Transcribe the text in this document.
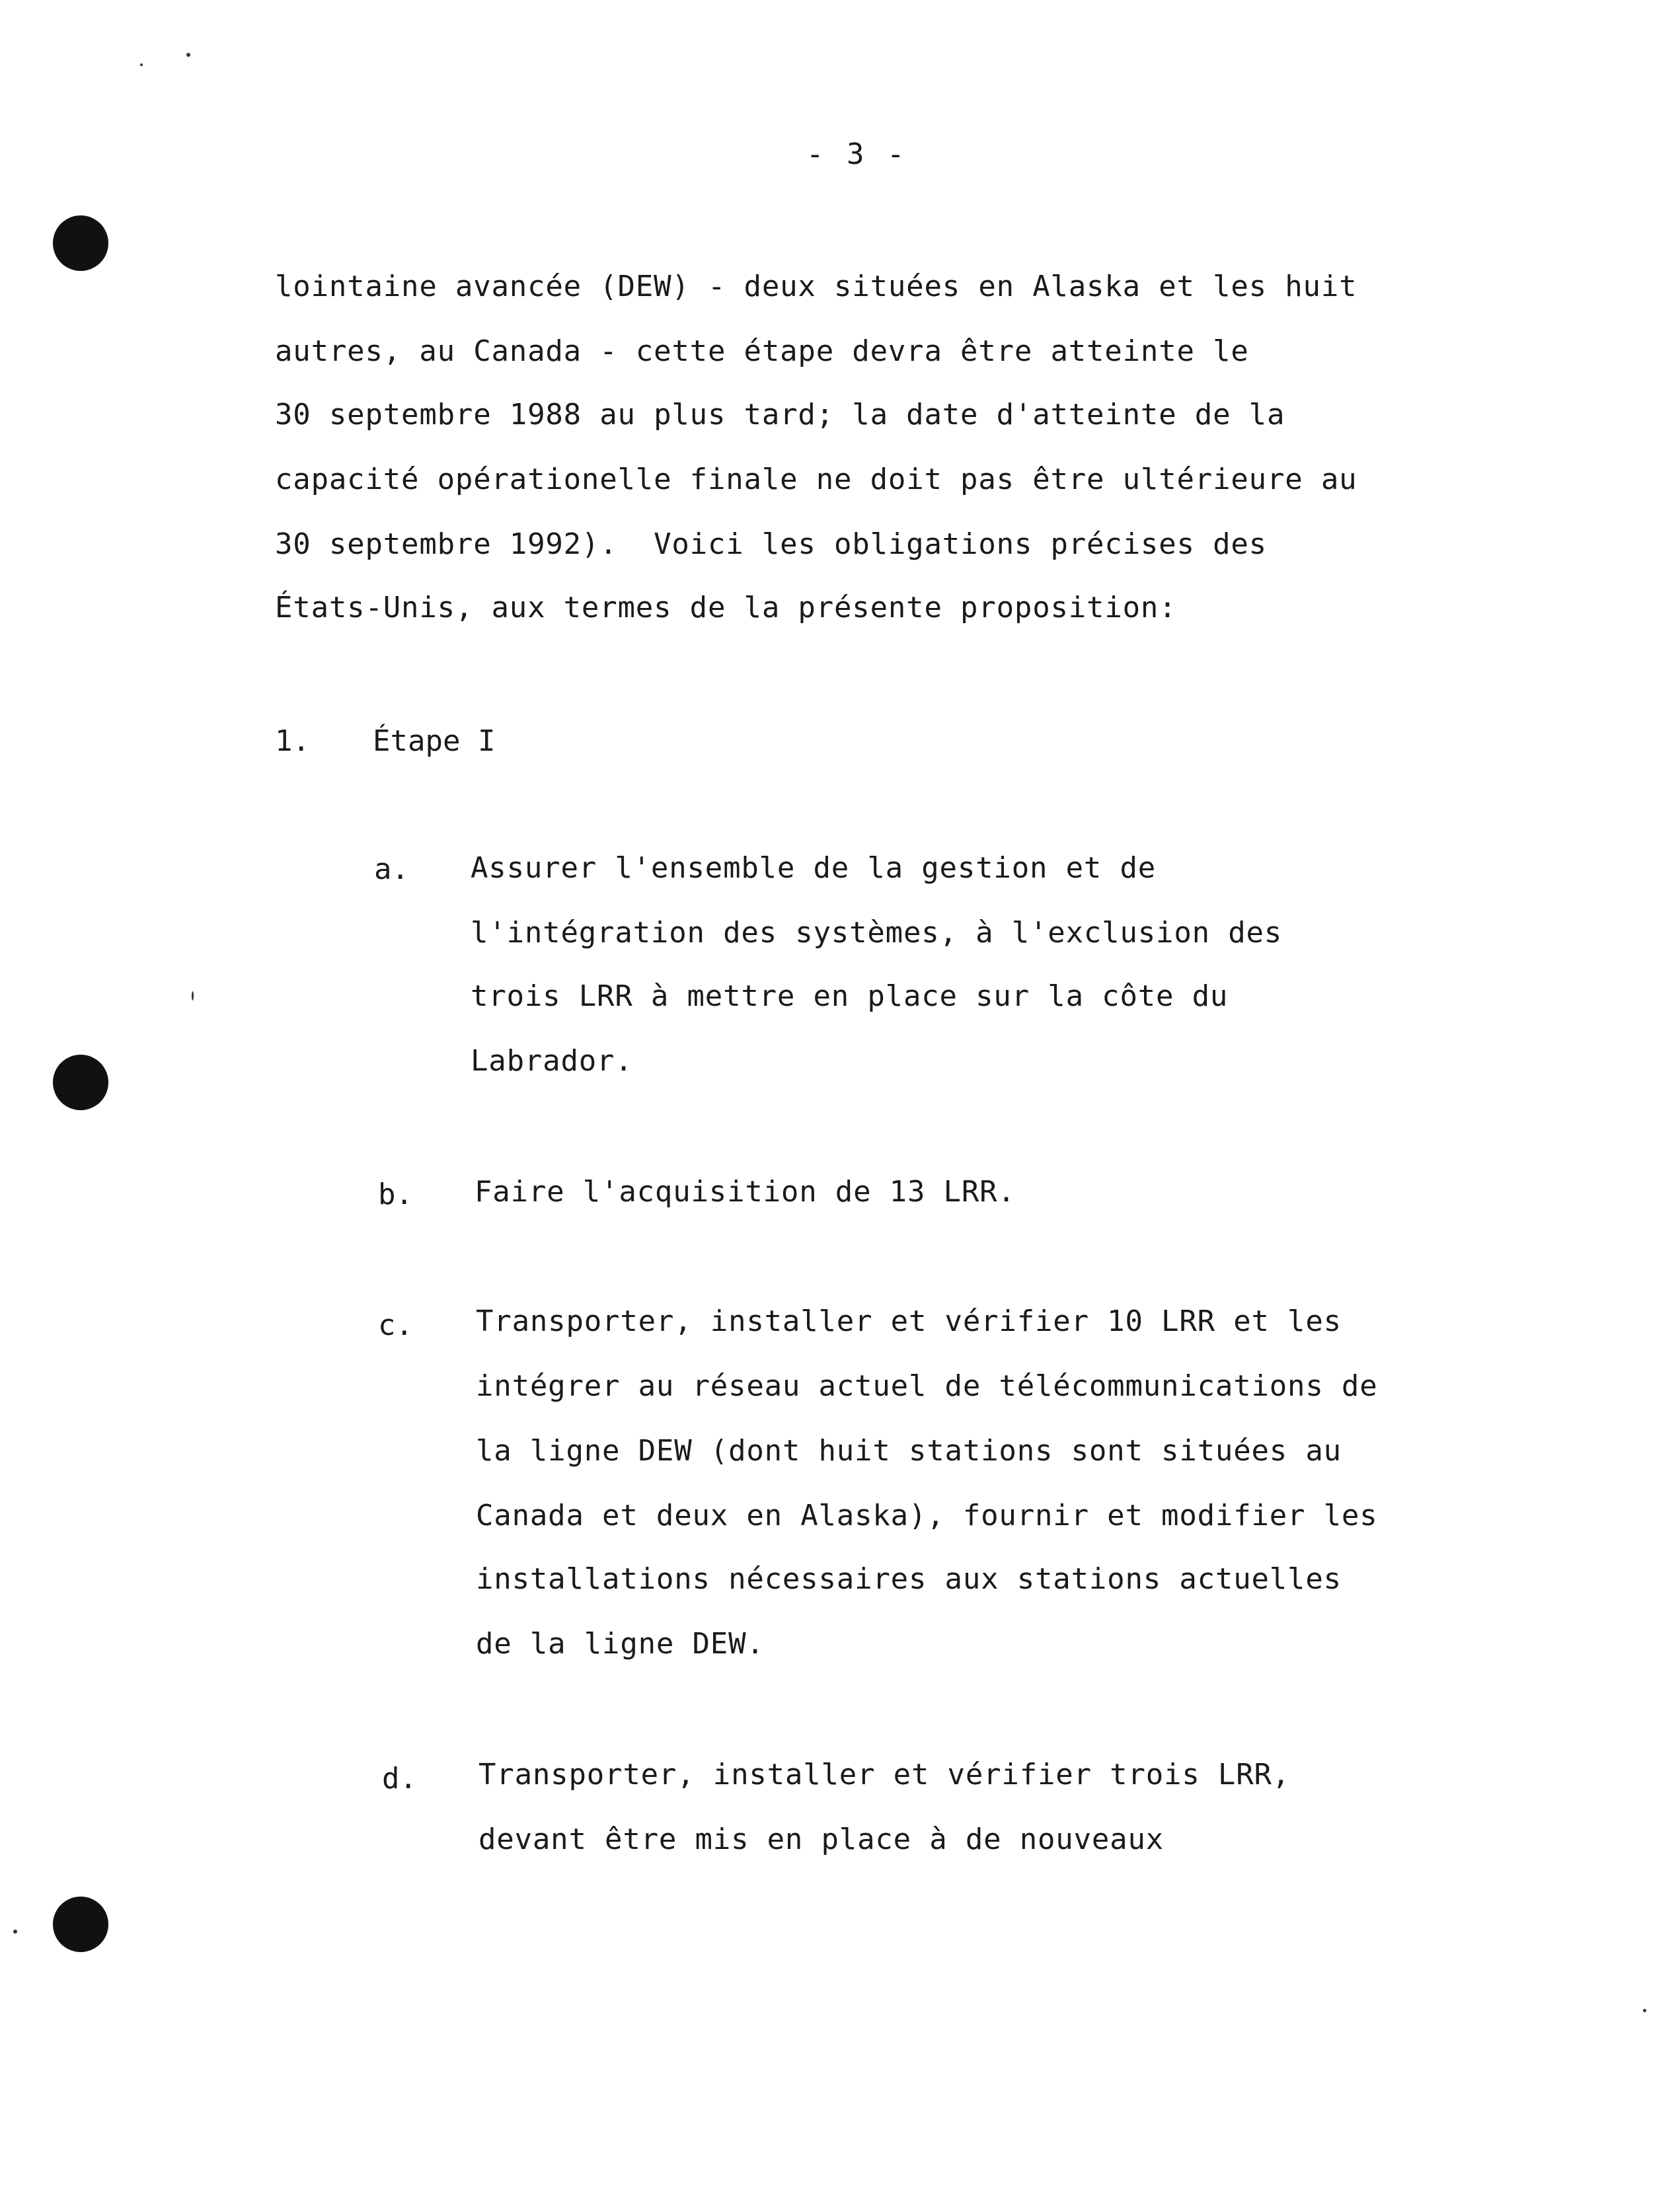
- 3 -
lointaine avancée (DEW) - deux situées en Alaska et les huit
autres, au Canada - cette étape devra être atteinte le
30 septembre 1988 au plus tard; la date d'atteinte de la
capacité opérationelle finale ne doit pas être ultérieure au
30 septembre 1992).  Voici les obligations précises des
États-Unis, aux termes de la présente proposition:
1. Étape I
a. Assurer l'ensemble de la gestion et de
l'intégration des systèmes, à l'exclusion des
trois LRR à mettre en place sur la côte du
Labrador.
b. Faire l'acquisition de 13 LRR.
c. Transporter, installer et vérifier 10 LRR et les
intégrer au réseau actuel de télécommunications de
la ligne DEW (dont huit stations sont situées au
Canada et deux en Alaska), fournir et modifier les
installations nécessaires aux stations actuelles
de la ligne DEW.
d. Transporter, installer et vérifier trois LRR,
devant être mis en place à de nouveaux
